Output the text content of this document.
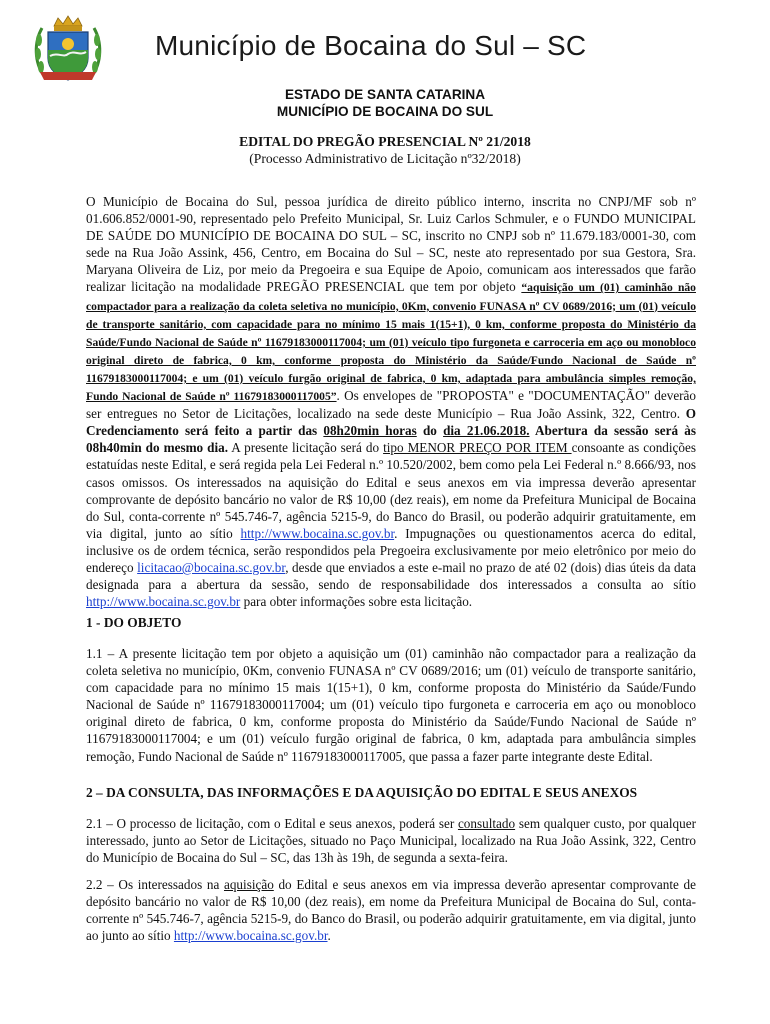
Município de Bocaina do Sul – SC
ESTADO DE SANTA CATARINA
MUNICÍPIO DE BOCAINA DO SUL
EDITAL DO PREGÃO PRESENCIAL Nº 21/2018
(Processo Administrativo de Licitação nº32/2018)
O Município de Bocaina do Sul, pessoa jurídica de direito público interno, inscrita no CNPJ/MF sob nº 01.606.852/0001-90, representado pelo Prefeito Municipal, Sr. Luiz Carlos Schmuler, e o FUNDO MUNICIPAL DE SAÚDE DO MUNICÍPIO DE BOCAINA DO SUL – SC, inscrito no CNPJ sob nº 11.679.183/0001-30, com sede na Rua João Assink, 456, Centro, em Bocaina do Sul – SC, neste ato representado por sua Gestora, Sra. Maryana Oliveira de Liz, por meio da Pregoeira e sua Equipe de Apoio, comunicam aos interessados que farão realizar licitação na modalidade PREGÃO PRESENCIAL que tem por objeto “aquisição um (01) caminhão não compactador para a realização da coleta seletiva no município, 0Km, convenio FUNASA nº CV 0689/2016; um (01) veículo de transporte sanitário, com capacidade para no mínimo 15 mais 1(15+1), 0 km, conforme proposta do Ministério da Saúde/Fundo Nacional de Saúde nº 11679183000117004; um (01) veículo tipo furgoneta e carroceria em aço ou monobloco original direto de fabrica, 0 km, conforme proposta do Ministério da Saúde/Fundo Nacional de Saúde nº 11679183000117004; e um (01) veículo furgão original de fabrica, 0 km, adaptada para ambulância simples remoção, Fundo Nacional de Saúde nº 11679183000117005”. Os envelopes de "PROPOSTA" e "DOCUMENTAÇÃO" deverão ser entregues no Setor de Licitações, localizado na sede deste Município – Rua João Assink, 322, Centro. O Credenciamento será feito a partir das 08h20min horas do dia 21.06.2018. Abertura da sessão será às 08h40min do mesmo dia. A presente licitação será do tipo MENOR PREÇO POR ITEM consoante as condições estatuídas neste Edital, e será regida pela Lei Federal n.º 10.520/2002, bem como pela Lei Federal n.º 8.666/93, nos casos omissos. Os interessados na aquisição do Edital e seus anexos em via impressa deverão apresentar comprovante de depósito bancário no valor de R$ 10,00 (dez reais), em nome da Prefeitura Municipal de Bocaina do Sul, conta-corrente nº 545.746-7, agência 5215-9, do Banco do Brasil, ou poderão adquirir gratuitamente, em via digital, junto ao sítio http://www.bocaina.sc.gov.br. Impugnações ou questionamentos acerca do edital, inclusive os de ordem técnica, serão respondidos pela Pregoeira exclusivamente por meio eletrônico por meio do endereço licitacao@bocaina.sc.gov.br, desde que enviados a este e-mail no prazo de até 02 (dois) dias úteis da data designada para a abertura da sessão, sendo de responsabilidade dos interessados a consulta ao sítio http://www.bocaina.sc.gov.br para obter informações sobre esta licitação.
1 - DO OBJETO
1.1 – A presente licitação tem por objeto a aquisição um (01) caminhão não compactador para a realização da coleta seletiva no município, 0Km, convenio FUNASA nº CV 0689/2016; um (01) veículo de transporte sanitário, com capacidade para no mínimo 15 mais 1(15+1), 0 km, conforme proposta do Ministério da Saúde/Fundo Nacional de Saúde nº 11679183000117004; um (01) veículo tipo furgoneta e carroceria em aço ou monobloco original direto de fabrica, 0 km, conforme proposta do Ministério da Saúde/Fundo Nacional de Saúde nº 11679183000117004; e um (01) veículo furgão original de fabrica, 0 km, adaptada para ambulância simples remoção, Fundo Nacional de Saúde nº 11679183000117005, que passa a fazer parte integrante deste Edital.
2 – DA CONSULTA, DAS INFORMAÇÕES E DA AQUISIÇÃO DO EDITAL E SEUS ANEXOS
2.1 – O processo de licitação, com o Edital e seus anexos, poderá ser consultado sem qualquer custo, por qualquer interessado, junto ao Setor de Licitações, situado no Paço Municipal, localizado na Rua João Assink, 322, Centro do Município de Bocaina do Sul – SC, das 13h às 19h, de segunda a sexta-feira.
2.2 – Os interessados na aquisição do Edital e seus anexos em via impressa deverão apresentar comprovante de depósito bancário no valor de R$ 10,00 (dez reais), em nome da Prefeitura Municipal de Bocaina do Sul, conta-corrente nº 545.746-7, agência 5215-9, do Banco do Brasil, ou poderão adquirir gratuitamente, em via digital, junto ao junto ao sítio http://www.bocaina.sc.gov.br.
